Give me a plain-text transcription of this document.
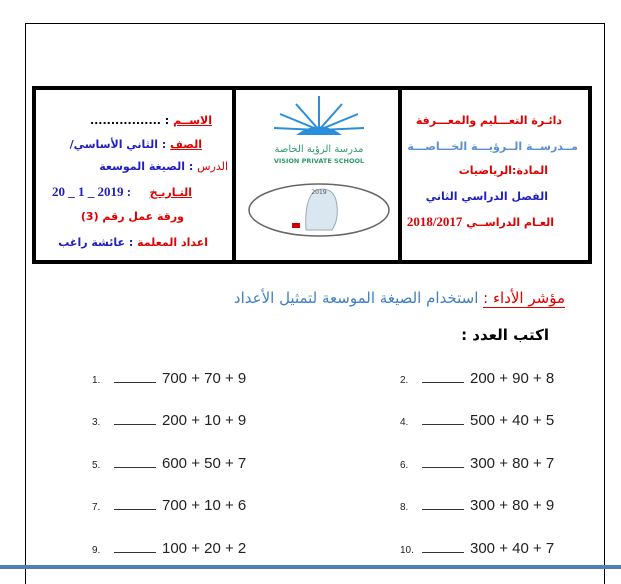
الاســم : .................
الصف : الثاني الأساسي/
الدرس : الصيغة الموسعة
التـاريـخ
20 _ 1 _ 2019 :
ورقة عمل رقم (3)
اعداد المعلمة : عائشة راغب
مدرسة الرؤية الخاصة
VISION PRIVATE SCHOOL
2019
دائـرة التعـــليم والمعـــرفة
مــدرســة الــرؤيـــة الخـــاصـــة
المادة:الرياضيات
الفصل الدراسي الثاني
العـام الدراســي 2018/2017
مؤشر الأداء : استخدام الصيغة الموسعة لتمثيل الأعداد
اكتب العدد :
1.	700 + 70 + 9	2.	200 + 90 + 8
3.	200 + 10 + 9	4.	500 + 40 + 5
5.	600 + 50 + 7	6.	300 + 80 + 7
7.	700 + 10 + 6	8.	300 + 80 + 9
9.	100 + 20 + 2	10.	300 + 40 + 7
